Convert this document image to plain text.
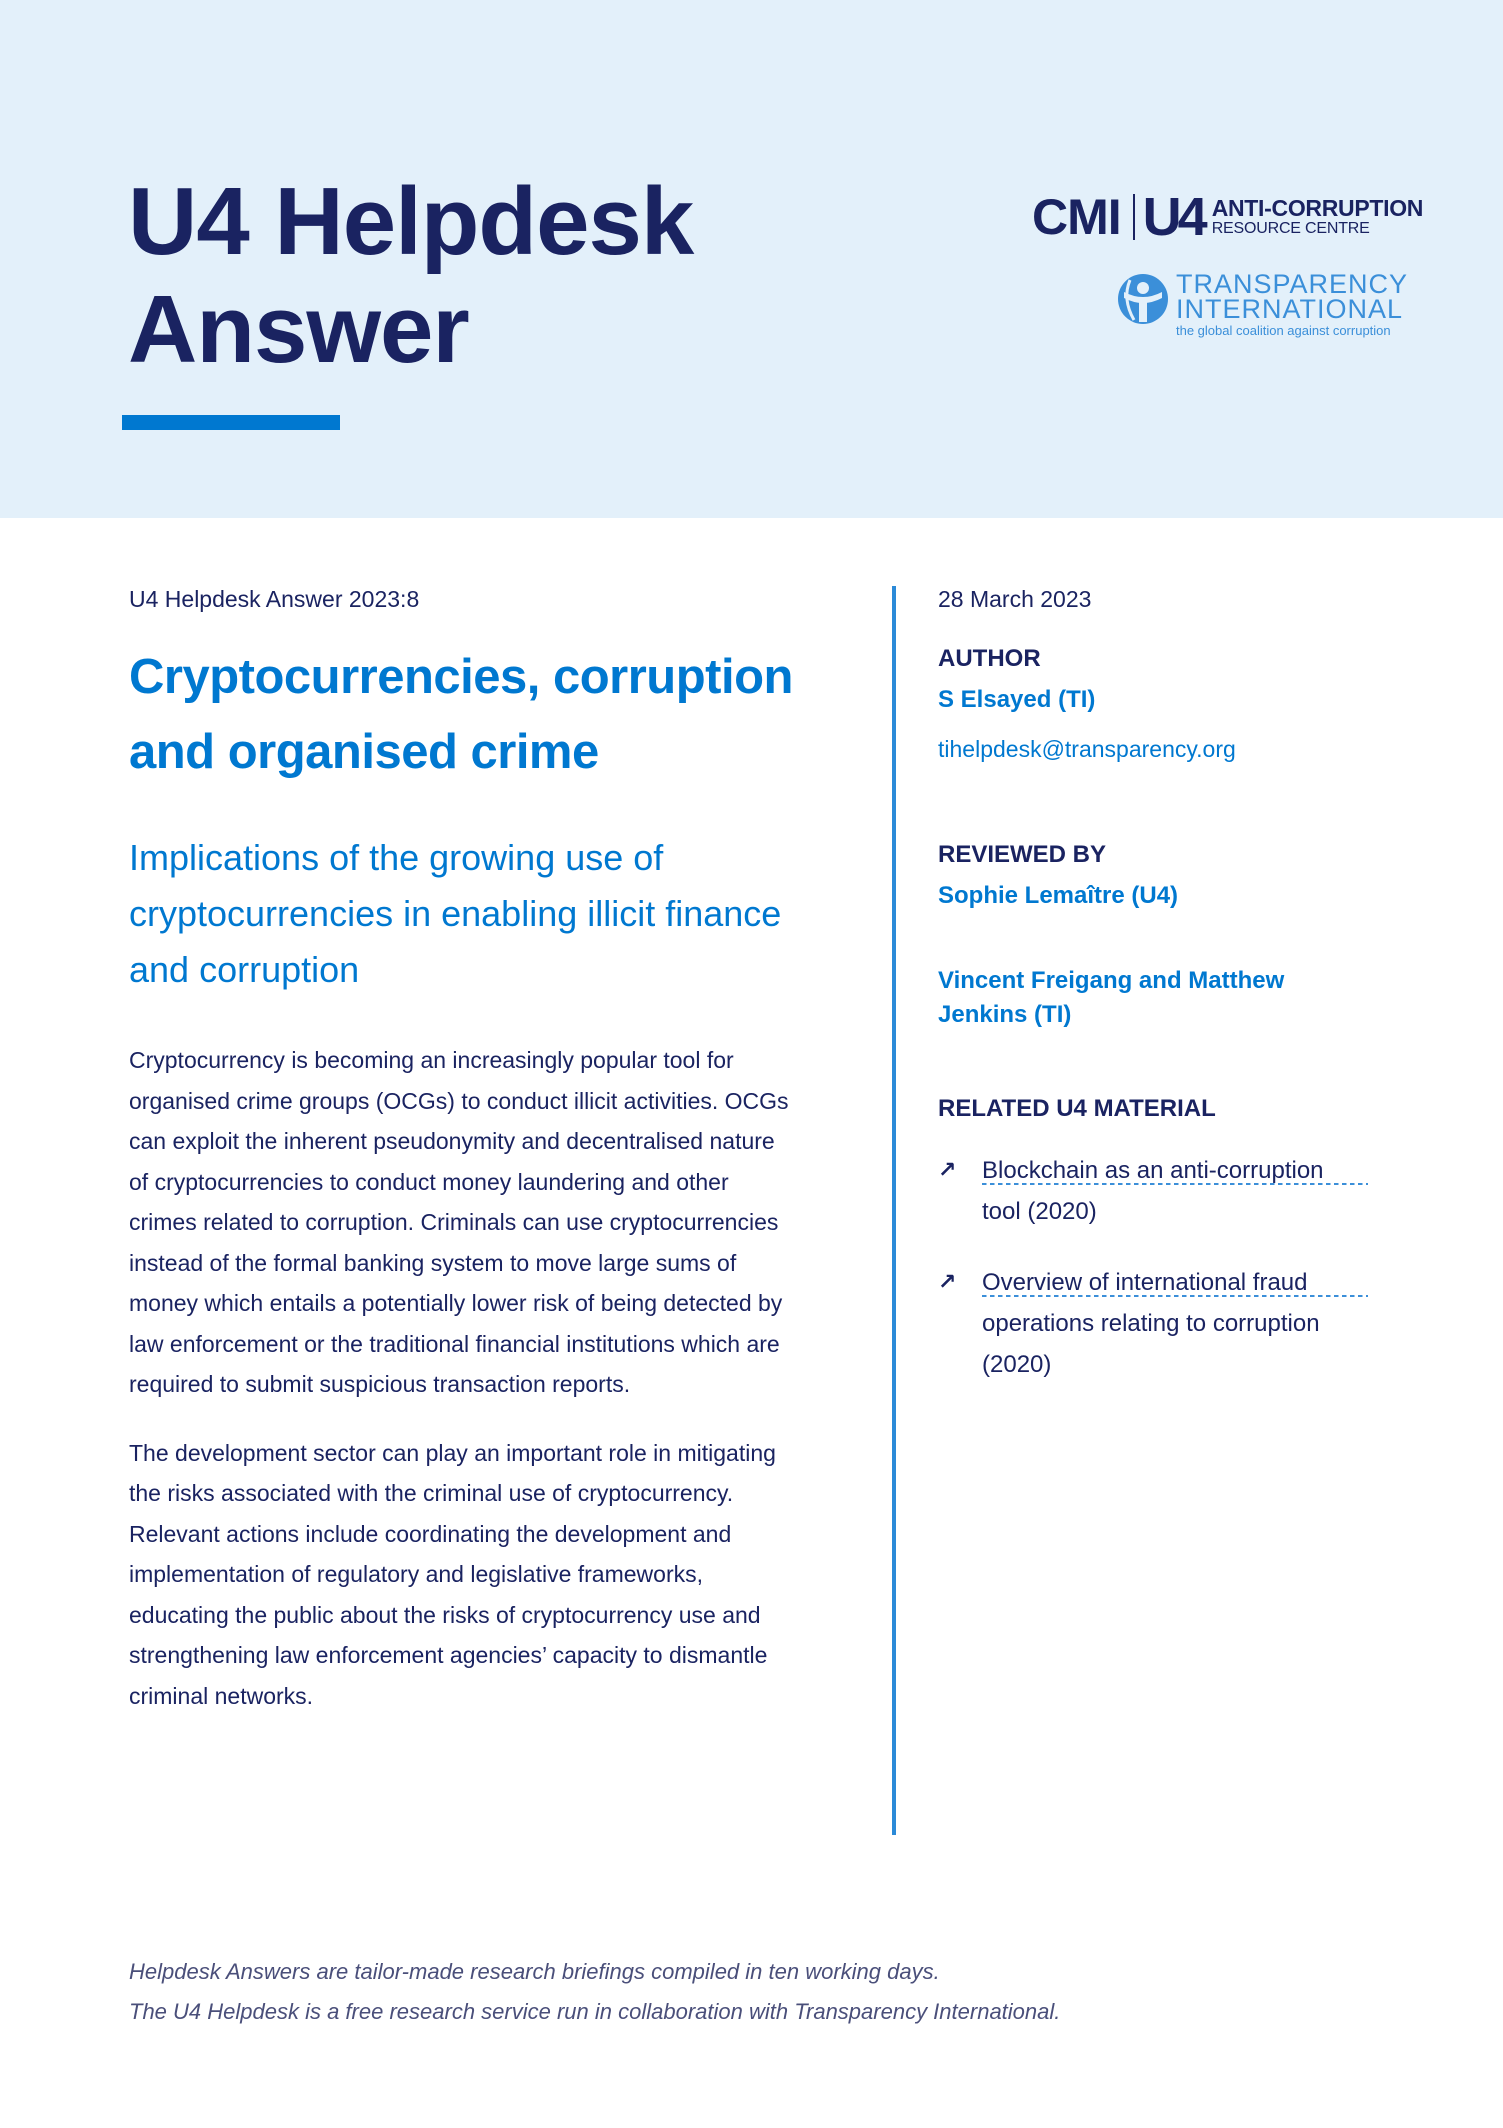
U4 Helpdesk
Answer
CMI U4 ANTI-CORRUPTION
RESOURCE CENTRE
TRANSPARENCY
INTERNATIONAL
the global coalition against corruption

U4 Helpdesk Answer 2023:8

Cryptocurrencies, corruption and organised crime
Implications of the growing use of cryptocurrencies in enabling illicit finance and corruption

Cryptocurrency is becoming an increasingly popular tool for organised crime groups (OCGs) to conduct illicit activities. OCGs can exploit the inherent pseudonymity and decentralised nature of cryptocurrencies to conduct money laundering and other crimes related to corruption. Criminals can use cryptocurrencies instead of the formal banking system to move large sums of money which entails a potentially lower risk of being detected by law enforcement or the traditional financial institutions which are required to submit suspicious transaction reports.

The development sector can play an important role in mitigating the risks associated with the criminal use of cryptocurrency. Relevant actions include coordinating the development and implementation of regulatory and legislative frameworks, educating the public about the risks of cryptocurrency use and strengthening law enforcement agencies’ capacity to dismantle criminal networks.

28 March 2023

AUTHOR

S Elsayed (TI)

tihelpdesk@transparency.org

REVIEWED BY

Sophie Lemaître (U4)

Vincent Freigang and Matthew Jenkins (TI)

RELATED U4 MATERIAL

↗	Blockchain as an anti-corruption tool (2020)
↗	Overview of international fraud operations relating to corruption (2020)

Helpdesk Answers are tailor-made research briefings compiled in ten working days.

The U4 Helpdesk is a free research service run in collaboration with Transparency International.
